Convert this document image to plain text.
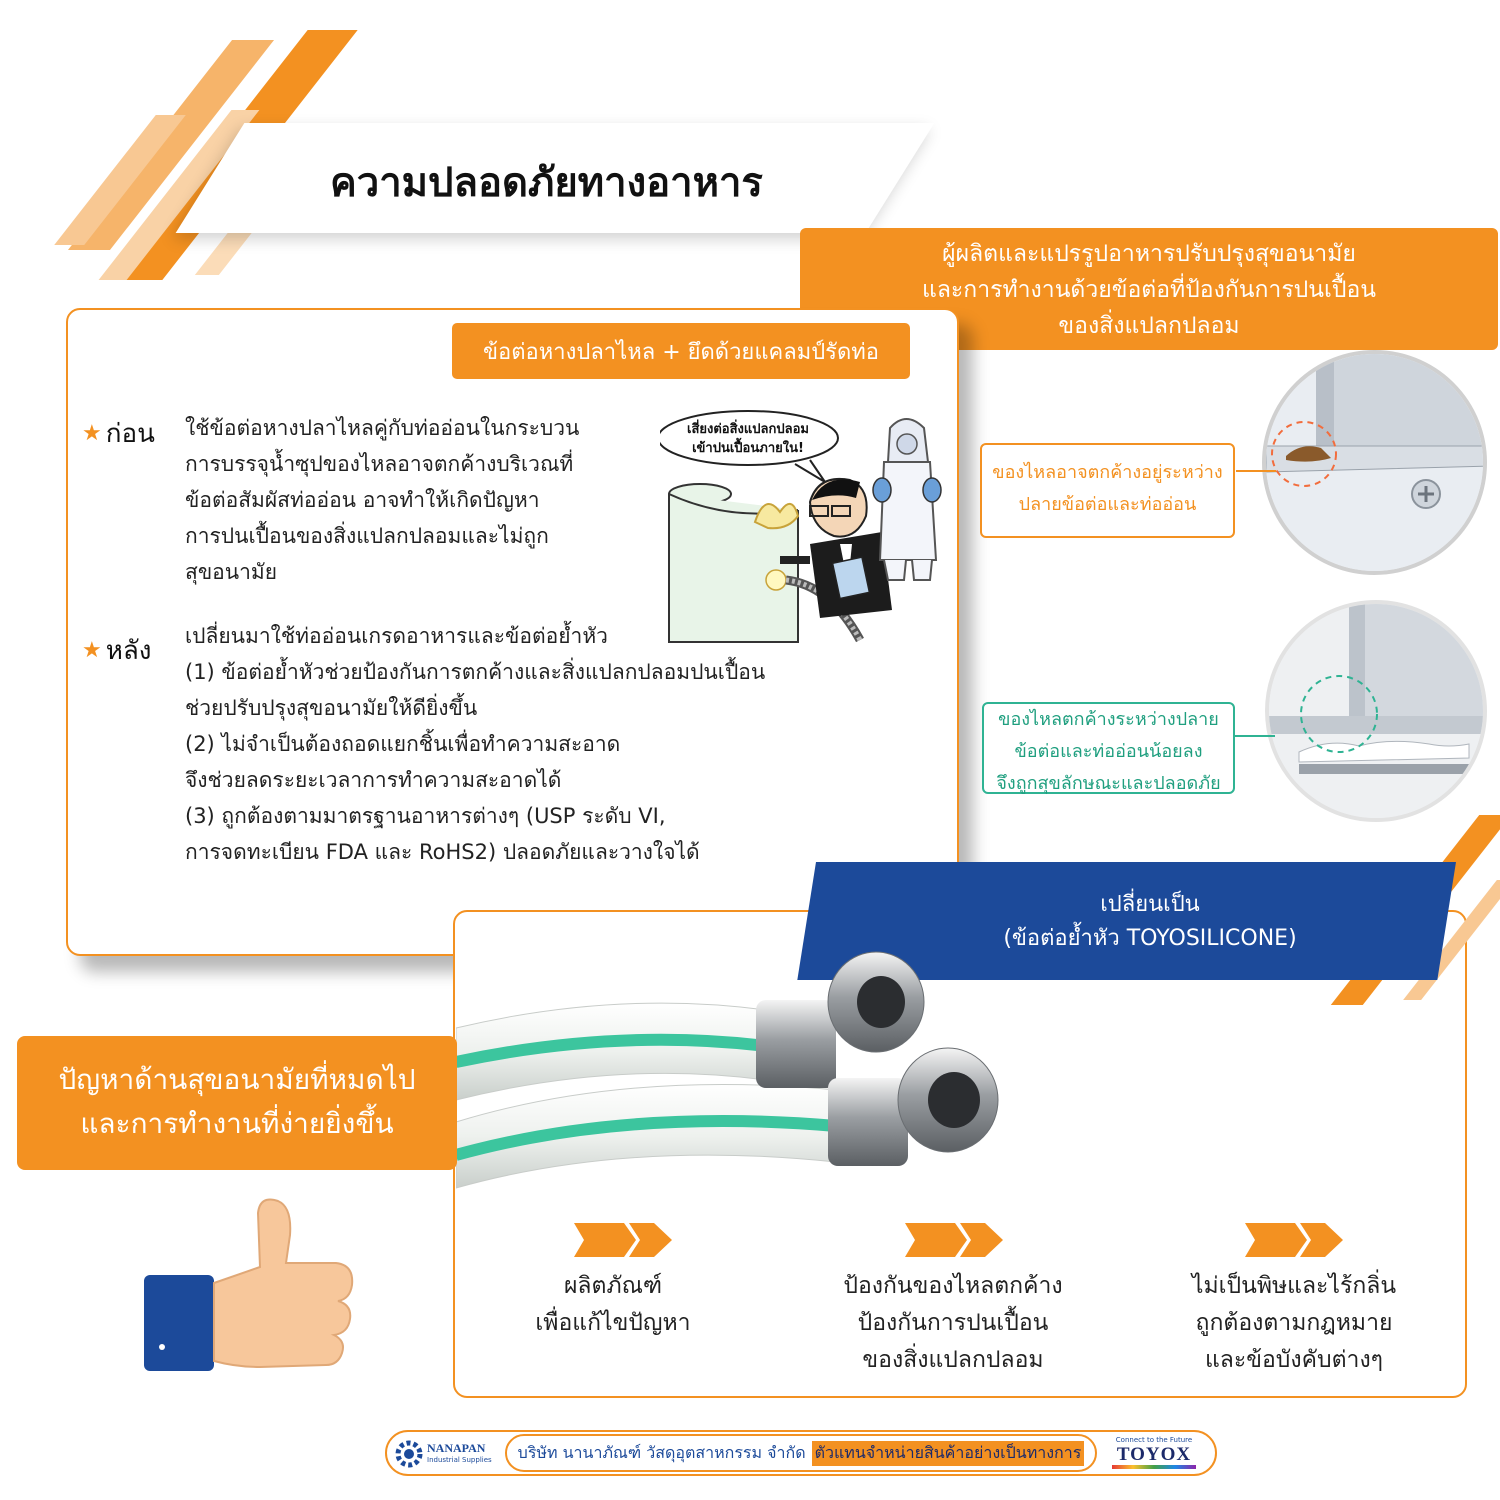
ความปลอดภัยทางอาหาร
ผู้ผลิตและแปรรูปอาหารปรับปรุงสุขอนามัย
และการทำงานด้วยข้อต่อที่ป้องกันการปนเปื้อน
ของสิ่งแปลกปลอม
ข้อต่อหางปลาไหล + ยึดด้วยแคลมป์รัดท่อ
★ ก่อน ใช้ข้อต่อหางปลาไหลคู่กับท่ออ่อนในกระบวน
การบรรจุน้ำซุปของไหลอาจตกค้างบริเวณที่
ข้อต่อสัมผัสท่ออ่อน อาจทำให้เกิดปัญหา
การปนเปื้อนของสิ่งแปลกปลอมและไม่ถูก
สุขอนามัย
เสี่ยงต่อสิ่งแปลกปลอม
เข้าปนเปื้อนภายใน!
★ หลัง เปลี่ยนมาใช้ท่ออ่อนเกรดอาหารและข้อต่อย้ำหัว
(1) ข้อต่อย้ำหัวช่วยป้องกันการตกค้างและสิ่งแปลกปลอมปนเปื้อน
ช่วยปรับปรุงสุขอนามัยให้ดียิ่งขึ้น
(2) ไม่จำเป็นต้องถอดแยกชิ้นเพื่อทำความสะอาด
จึงช่วยลดระยะเวลาการทำความสะอาดได้
(3) ถูกต้องตามมาตรฐานอาหารต่างๆ (USP ระดับ VI,
การจดทะเบียน FDA และ RoHS2) ปลอดภัยและวางใจได้
ของไหลอาจตกค้างอยู่ระหว่าง
ปลายข้อต่อและท่ออ่อน
ของไหลตกค้างระหว่างปลาย
ข้อต่อและท่ออ่อนน้อยลง
จึงถูกสุขลักษณะและปลอดภัย
เปลี่ยนเป็น
(ข้อต่อย้ำหัว TOYOSILICONE)
ปัญหาด้านสุขอนามัยที่หมดไป
และการทำงานที่ง่ายยิ่งขึ้น
ผลิตภัณฑ์
เพื่อแก้ไขปัญหา
ป้องกันของไหลตกค้าง
ป้องกันการปนเปื้อน
ของสิ่งแปลกปลอม
ไม่เป็นพิษและไร้กลิ่น
ถูกต้องตามกฎหมาย
และข้อบังคับต่างๆ
NANAPAN
Industrial Supplies บริษัท นานาภัณฑ์ วัสดุอุตสาหกรรม จำกัด ตัวแทนจำหน่ายสินค้าอย่างเป็นทางการ
Connect to the Future
TOYOX
